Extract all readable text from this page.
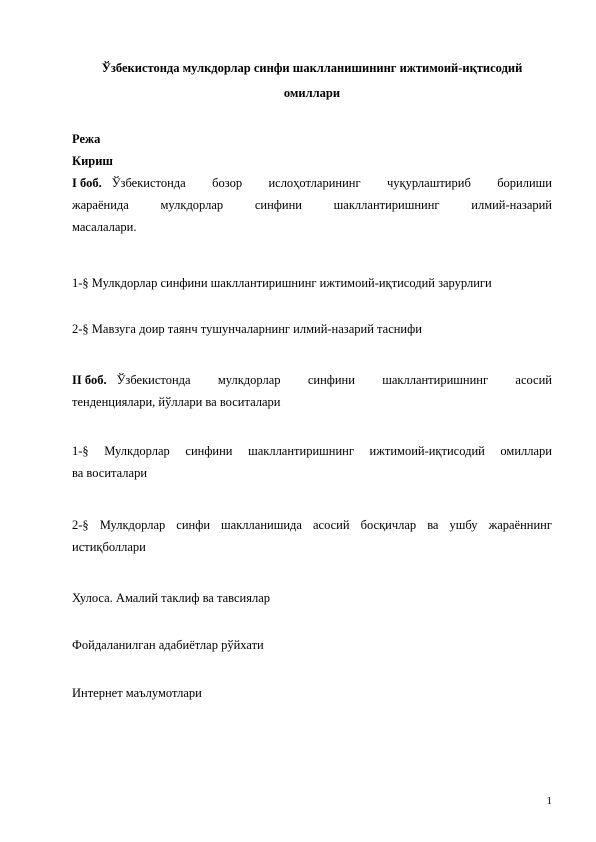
Ўзбекистонда мулкдорлар синфи шаклланишининг ижтимоий-иқтисодий
омиллари
Режа
Кириш
I боб. Ўзбекистонда бозор ислоҳотларининг чуқурлаштириб борилиши
жараёнида мулкдорлар синфини шакллантиришнинг илмий-назарий
масалалари.
1-§ Мулкдорлар синфини шакллантиришнинг ижтимоий-иқтисодий зарурлиги
2-§ Мавзуга доир таянч тушунчаларнинг илмий-назарий таснифи
II боб. Ўзбекистонда мулкдорлар синфини шакллантиришнинг асосий
тенденциялари, йўллари ва воситалари
1-§ Мулкдорлар синфини шакллантиришнинг ижтимоий-иқтисодий омиллари
ва воситалари
2-§ Мулкдорлар синфи шаклланишида асосий босқичлар ва ушбу жараённинг
истиқболлари
Хулоса. Амалий таклиф ва тавсиялар
Фойдаланилган адабиётлар рўйхати
Интернет маълумотлари
1
